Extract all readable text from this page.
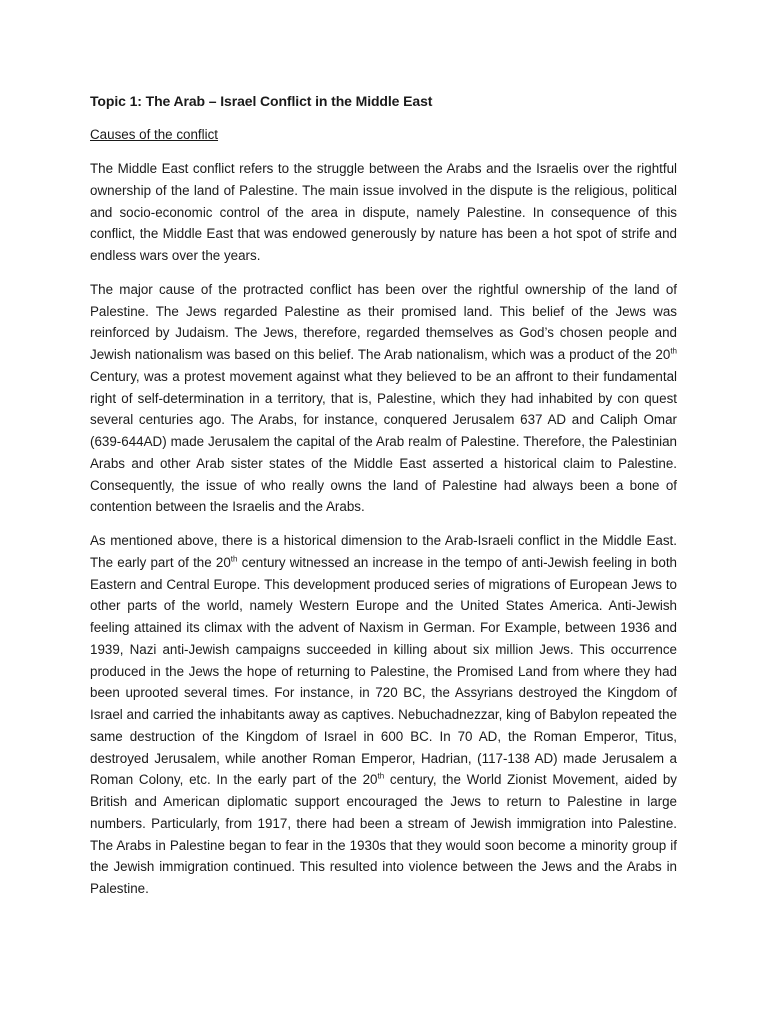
Topic 1: The Arab – Israel Conflict in the Middle East
Causes of the conflict

The Middle East conflict refers to the struggle between the Arabs and the Israelis over the rightful ownership of the land of Palestine. The main issue involved in the dispute is the religious, political and socio-economic control of the area in dispute, namely Palestine. In consequence of this conflict, the Middle East that was endowed generously by nature has been a hot spot of strife and endless wars over the years.

The major cause of the protracted conflict has been over the rightful ownership of the land of Palestine. The Jews regarded Palestine as their promised land. This belief of the Jews was reinforced by Judaism. The Jews, therefore, regarded themselves as God’s chosen people and Jewish nationalism was based on this belief. The Arab nationalism, which was a product of the 20th Century, was a protest movement against what they believed to be an affront to their fundamental right of self-determination in a territory, that is, Palestine, which they had inhabited by con quest several centuries ago. The Arabs, for instance, conquered Jerusalem 637 AD and Caliph Omar (639-644AD) made Jerusalem the capital of the Arab realm of Palestine. Therefore, the Palestinian Arabs and other Arab sister states of the Middle East asserted a historical claim to Palestine. Consequently, the issue of who really owns the land of Palestine had always been a bone of contention between the Israelis and the Arabs.

As mentioned above, there is a historical dimension to the Arab-Israeli conflict in the Middle East. The early part of the 20th century witnessed an increase in the tempo of anti-Jewish feeling in both Eastern and Central Europe. This development produced series of migrations of European Jews to other parts of the world, namely Western Europe and the United States America. Anti-Jewish feeling attained its climax with the advent of Naxism in German. For Example, between 1936 and 1939, Nazi anti-Jewish campaigns succeeded in killing about six million Jews. This occurrence produced in the Jews the hope of returning to Palestine, the Promised Land from where they had been uprooted several times. For instance, in 720 BC, the Assyrians destroyed the Kingdom of Israel and carried the inhabitants away as captives. Nebuchadnezzar, king of Babylon repeated the same destruction of the Kingdom of Israel in 600 BC. In 70 AD, the Roman Emperor, Titus, destroyed Jerusalem, while another Roman Emperor, Hadrian, (117-138 AD) made Jerusalem a Roman Colony, etc. In the early part of the 20th century, the World Zionist Movement, aided by British and American diplomatic support encouraged the Jews to return to Palestine in large numbers. Particularly, from 1917, there had been a stream of Jewish immigration into Palestine. The Arabs in Palestine began to fear in the 1930s that they would soon become a minority group if the Jewish immigration continued. This resulted into violence between the Jews and the Arabs in Palestine.
